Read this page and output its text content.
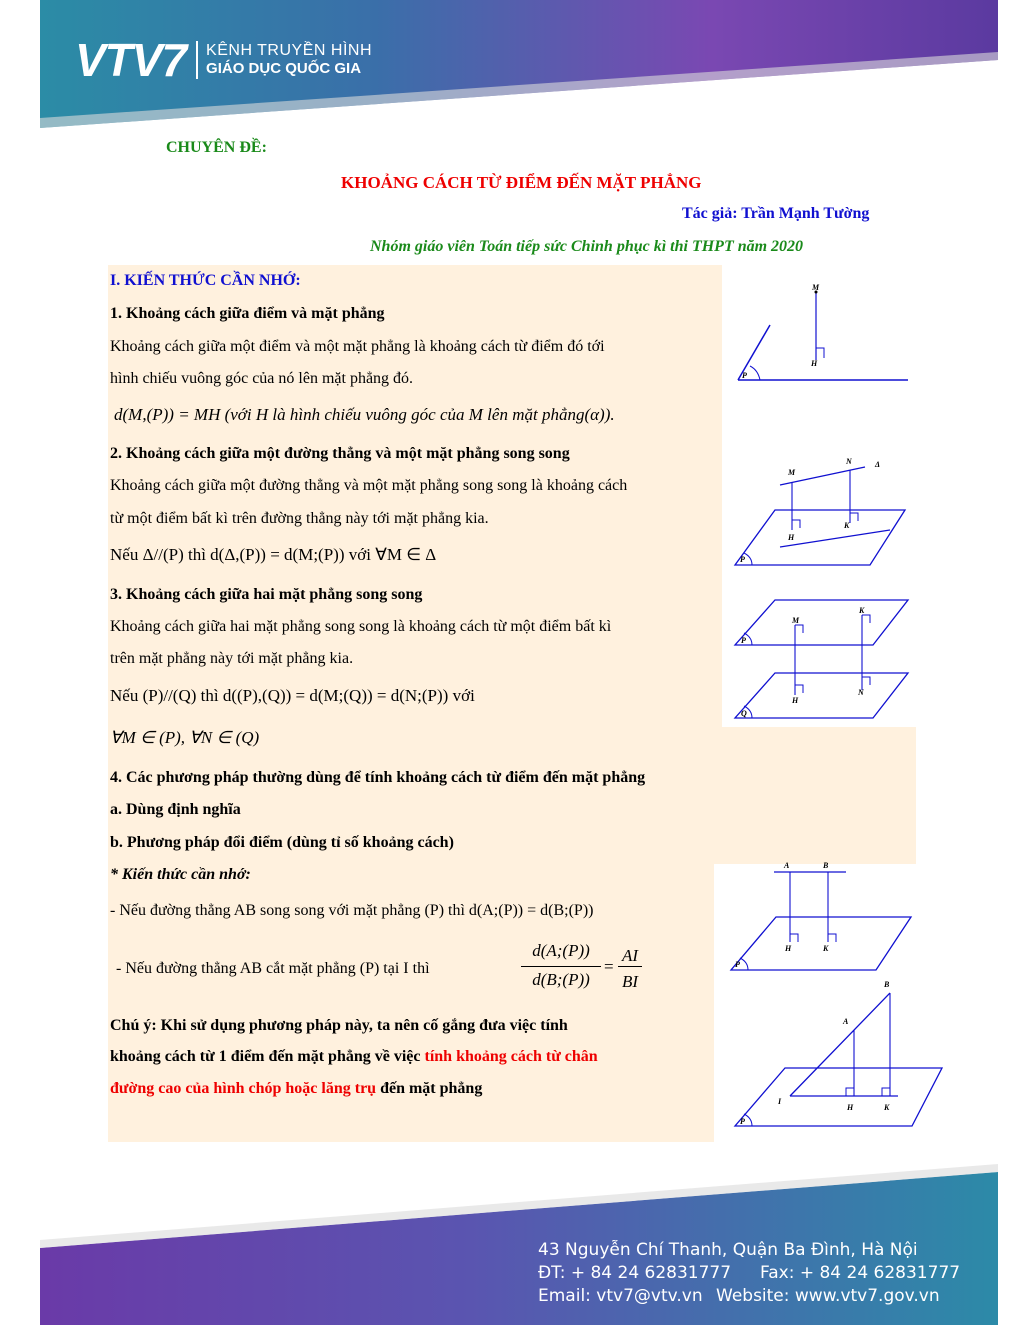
VTV7 KÊNH TRUYỀN HÌNH
GIÁO DỤC QUỐC GIA
CHUYÊN ĐỀ:
KHOẢNG CÁCH TỪ ĐIỂM ĐẾN MẶT PHẲNG
Tác giả: Trần Mạnh Tường
Nhóm giáo viên Toán tiếp sức Chinh phục kì thi THPT năm 2020
I. KIẾN THỨC CẦN NHỚ:
1. Khoảng cách giữa điểm và mặt phẳng
Khoảng cách giữa một điểm và một mặt phẳng là khoảng cách từ điểm đó tới
hình chiếu vuông góc của nó lên mặt phẳng đó.
d(M,(P)) = MH (với H là hình chiếu vuông góc của M lên mặt phẳng(α)).
2. Khoảng cách giữa một đường thẳng và một mặt phẳng song song
Khoảng cách giữa một đường thẳng và một mặt phẳng song song là khoảng cách
từ một điểm bất kì trên đường thẳng này tới mặt phẳng kia.
Nếu Δ//(P) thì d(Δ,(P)) = d(M;(P)) với ∀M ∈ Δ
3. Khoảng cách giữa hai mặt phẳng song song
Khoảng cách giữa hai mặt phẳng song song là khoảng cách từ một điểm bất kì
trên mặt phẳng này tới mặt phẳng kia.
Nếu (P)//(Q) thì d((P),(Q)) = d(M;(Q)) = d(N;(P)) với
∀M ∈ (P), ∀N ∈ (Q)
4. Các phương pháp thường dùng để tính khoảng cách từ điểm đến mặt phẳng
a. Dùng định nghĩa
b. Phương pháp đổi điểm (dùng tỉ số khoảng cách)
* Kiến thức cần nhớ:
- Nếu đường thẳng AB song song với mặt phẳng (P) thì d(A;(P)) = d(B;(P))
- Nếu đường thẳng AB cắt mặt phẳng (P) tại I thì
d(A;(P))
d(B;(P))
=
AI
BI
Chú ý: Khi sử dụng phương pháp này, ta nên cố gắng đưa việc tính
khoảng cách từ 1 điểm đến mặt phẳng về việc tính khoảng cách từ chân
đường cao của hình chóp hoặc lăng trụ đến mặt phẳng
M
H
P
M
N	Δ
H
K
P
M
K
H
N
P
Q
A	B
H	K
P
B
A
I
H	K
P
43 Nguyễn Chí Thanh, Quận Ba Đình, Hà Nội
ĐT: + 84 24 62831777 Fax: + 84 24 62831777
Email: vtv7@vtv.vn Website: www.vtv7.gov.vn
